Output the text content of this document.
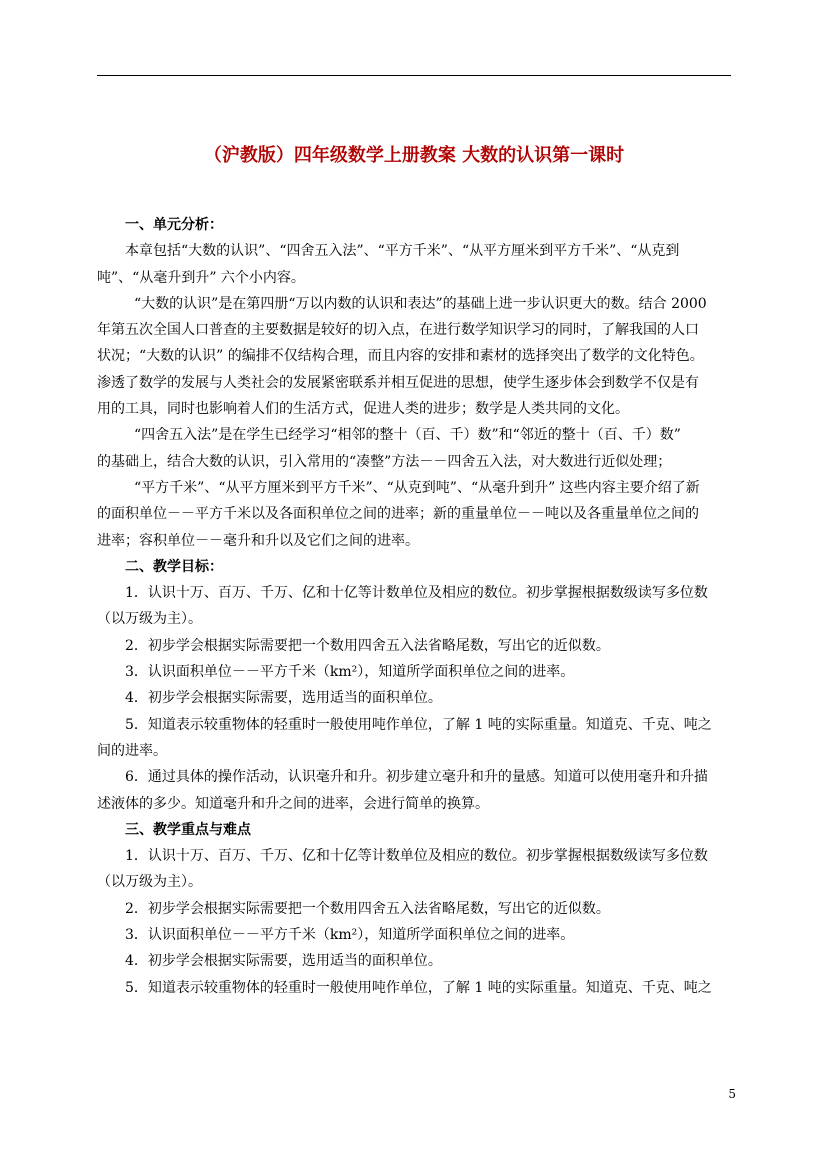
（沪教版）四年级数学上册教案 大数的认识第一课时

一、单元分析：

本章包括“大数的认识”、“四舍五入法”、“平方千米”、“从平方厘米到平方千米”、“从克到

吨”、“从毫升到升” 六个小内容。

“大数的认识”是在第四册“万以内数的认识和表达”的基础上进一步认识更大的数。结合 2000

年第五次全国人口普查的主要数据是较好的切入点，在进行数学知识学习的同时，了解我国的人口

状况；“大数的认识” 的编排不仅结构合理，而且内容的安排和素材的选择突出了数学的文化特色。

渗透了数学的发展与人类社会的发展紧密联系并相互促进的思想，使学生逐步体会到数学不仅是有

用的工具，同时也影响着人们的生活方式，促进人类的进步；数学是人类共同的文化。

“四舍五入法”是在学生已经学习“相邻的整十（百、千）数”和“邻近的整十（百、千）数”

的基础上，结合大数的认识，引入常用的“凑整”方法－－四舍五入法，对大数进行近似处理；

“平方千米”、“从平方厘米到平方千米”、“从克到吨”、“从毫升到升” 这些内容主要介绍了新

的面积单位－－平方千米以及各面积单位之间的进率；新的重量单位－－吨以及各重量单位之间的

进率；容积单位－－毫升和升以及它们之间的进率。

二、教学目标：

1．认识十万、百万、千万、亿和十亿等计数单位及相应的数位。初步掌握根据数级读写多位数

（以万级为主）。

2．初步学会根据实际需要把一个数用四舍五入法省略尾数，写出它的近似数。

3．认识面积单位－－平方千米（km²），知道所学面积单位之间的进率。

4．初步学会根据实际需要，选用适当的面积单位。

5．知道表示较重物体的轻重时一般使用吨作单位，了解 1 吨的实际重量。知道克、千克、吨之

间的进率。

6．通过具体的操作活动，认识毫升和升。初步建立毫升和升的量感。知道可以使用毫升和升描

述液体的多少。知道毫升和升之间的进率，会进行简单的换算。

三、教学重点与难点

1．认识十万、百万、千万、亿和十亿等计数单位及相应的数位。初步掌握根据数级读写多位数

（以万级为主）。

2．初步学会根据实际需要把一个数用四舍五入法省略尾数，写出它的近似数。

3．认识面积单位－－平方千米（km²），知道所学面积单位之间的进率。

4．初步学会根据实际需要，选用适当的面积单位。

5．知道表示较重物体的轻重时一般使用吨作单位，了解 1 吨的实际重量。知道克、千克、吨之

5
